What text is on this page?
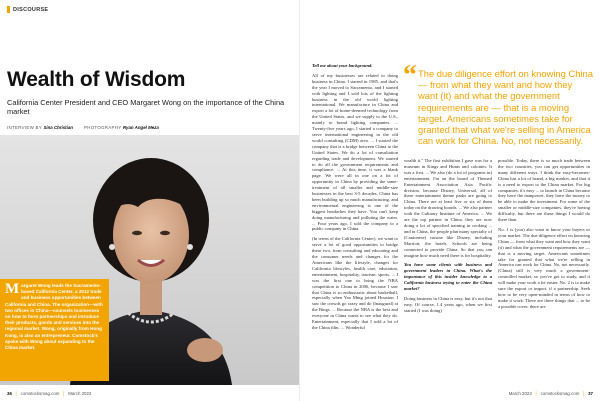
DISCOURSE
Wealth of Wisdom
California Center President and CEO Margaret Wong on the importance of the China market
INTERVIEW BY Sina Christian	PHOTOGRAPHY Ryan Angel Meza
M argaret Wong leads the Sacramento-based California Center, a 2012 trade and business opportunities between California and China. The organization—with two offices in China—counsels businesses on how to form partnerships and introduce their products, goods and services into the regional market. Wong, originally from Hong Kong, is also an entrepreneur. Comstock's spoke with Wong about expanding to the China market.

36 │ comstocksmag.com │ March 2023

Tell me about your background.

All of my businesses are related to doing business in China. I started in 1985, and that's the year I moved to Sacramento, and I started with lighting and I sold lots of the lighting business in the old world lighting international. We manufacture in China and export a lot of home-deemed technology from the United States, and we supply to the U.S., mainly to brand lighting companies. ... Twenty-five years ago, I started a company to serve international engineering in the old world consulting (CDM) area. ... I started the company that is a bridge between China to the United States. We do a lot of consultation regarding trade and development. We started to do all the government requirements and compliance. ... At this time, it was a blank page. We were all in one on a lot of opportunity in China by providing the same-treatment of all smaller and middle-size businesses in the best 3-5 decades, China has been building up so much manufacturing, and environmental engineering is one of the biggest headaches they have. You can't keep doing manufacturing and polluting the water. ... Four years ago, I sold the company to a public company in China.

(In terms of the California Center), we want to serve a lot of good opportunities to bridge these two, from consulting and educating and the consumer needs and changes for the Americans like the lifestyle, changes for California lifestyles, health care, education, entertainment, hospitality, tourism, sports. ... I was the first one to bring the NBA competition to China in 2006, because I saw that China is so enthusiastic about basketball, especially when Yao Ming joined Houston. I saw the crowds go crazy and do (Inaugural) at the Bings. ... Because the NBA is the best and everyone in China wants to see what they do. Entertainment, especially that I sold a lot of the China film. ... Wonderful

“ The due diligence effort on knowing China — from what they want and how they want (it) and what the government requirements are — that is a moving target. Americans sometimes take for granted that what we're selling in America can work for China. No, not necessarily.

wealth it." The first exhibition I gave was for a museum in Kings and Hunts and colonies. It was a first. ... We also (do a lot of programs in) entertainment. I'm on the board of Themed Entertainment Association Asia Pacific division, because Disney, Universal, all of these entertainment theme parks are going to China. There are at least five or six of them today on the drawing boards. ... We also partner with the Culinary Institute of America. ... We are the top partner in China, they are now doing a lot of specified training in cooking ... and in China, the people plan many specialty of (Cantonese) cuisine like Disney, including Marriott, the hotels. Schools are being connected to provide China. So that you can imagine how much need there is for hospitality.

You have some clients with business and government leaders in China. What's the importance of this insider knowledge to a California business trying to enter the China market?

Doing business in China is easy, but it's not that easy. Of course, 1.4 years ago, when we first started (I was doing)

possible. Today, there is so much trade between the two countries, you can get opportunities in many different ways. I think the easy-becomes-China has a lot of brand, a big market, and that it is a need to export to the China market. For big companies, it's easy ... to launch in China because they have the manpower, they have the money to be able to make the investment. For some of the smaller or middle-size companies, they're having difficulty, but there are these things I would do there than.

No. 1 is (you) also want to know your buyers or your market. The due diligence effort on knowing China — from what they want and how they want (it) and what the government requirements are — that is a moving target. Americans sometimes take for granted that what we're selling in America can work for China. No, not necessarily. (China) still is very much a government-controlled market, so you've got to study, and it will make your work a lot easier. No. 2 is to make sure the export or import, if a partnership. Seek how to be very open-minded in terms of how to make it work. There are three things that ... to be a possible cover, there are

March 2023 │ comstocksmag.com │ 37
